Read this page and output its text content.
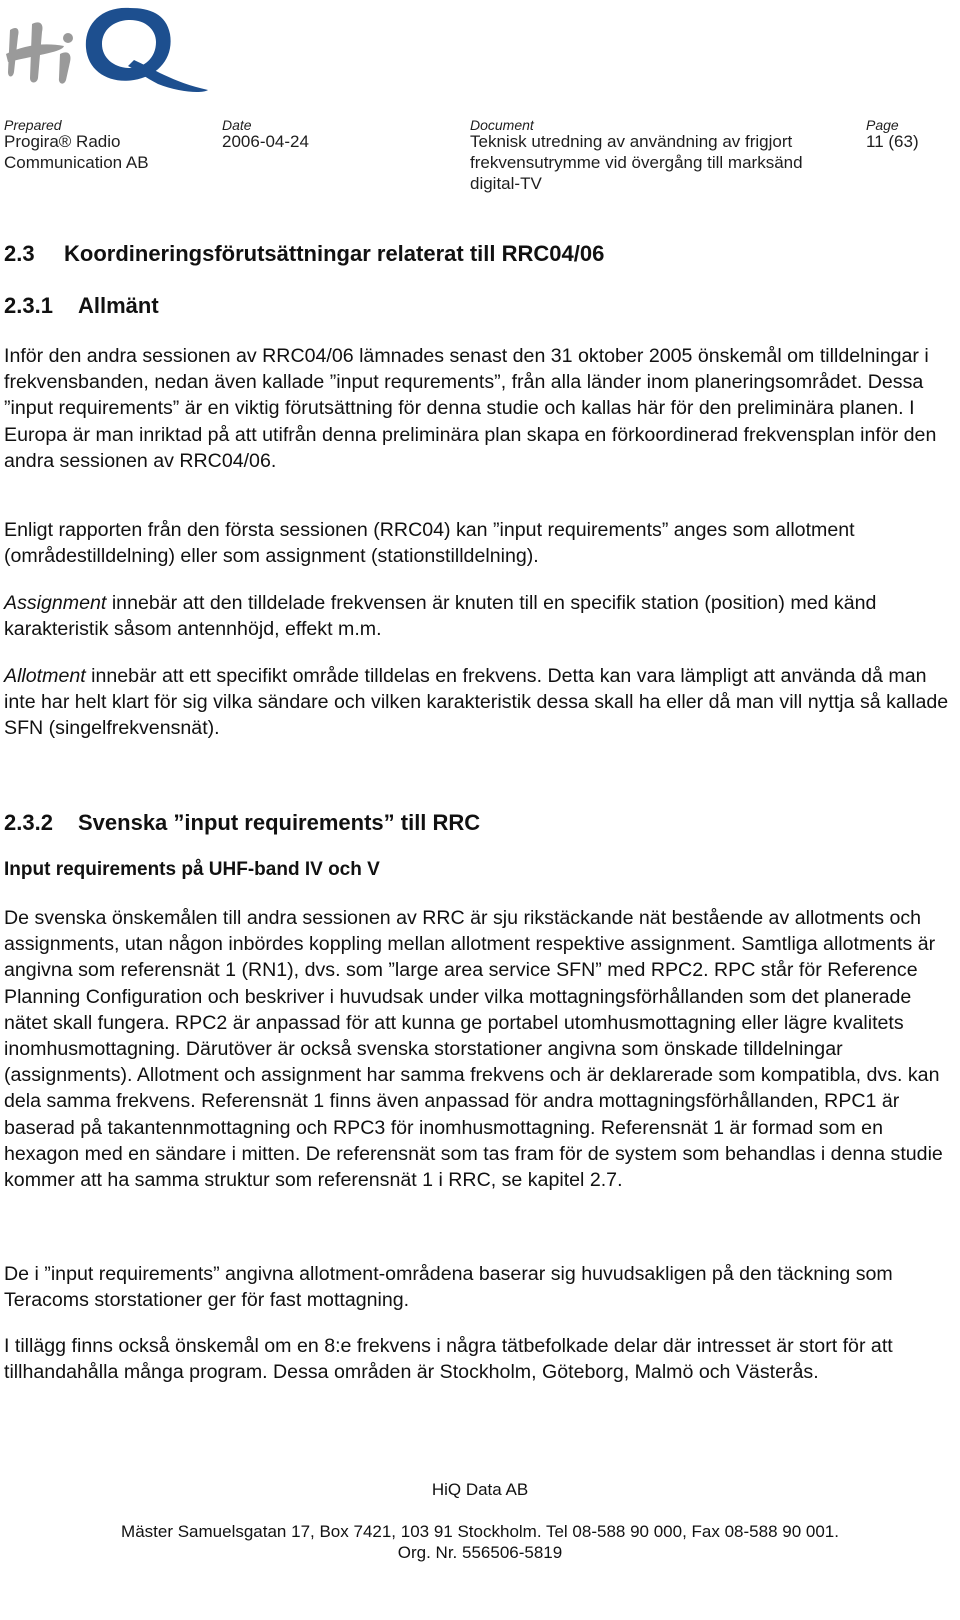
Prepared
Progira® Radio
Communication AB
Date
2006-04-24
Document
Teknisk utredning av användning av frigjort
frekvensutrymme vid övergång till marksänd
digital-TV
Page
11 (63)
2.3 Koordineringsförutsättningar relaterat till RRC04/06
2.3.1 Allmänt

Inför den andra sessionen av RRC04/06 lämnades senast den 31 oktober 2005 önskemål om tilldelningar i frekvensbanden, nedan även kallade ”input requrements”, från alla länder inom planeringsområdet. Dessa ”input requirements” är en viktig förutsättning för denna studie och kallas här för den preliminära planen. I Europa är man inriktad på att utifrån denna preliminära plan skapa en förkoordinerad frekvensplan inför den andra sessionen av RRC04/06.

Enligt rapporten från den första sessionen (RRC04) kan ”input requirements” anges som allotment (områdestilldelning) eller som assignment (stationstilldelning).

Assignment innebär att den tilldelade frekvensen är knuten till en specifik station (position) med känd karakteristik såsom antennhöjd, effekt m.m.

Allotment innebär att ett specifikt område tilldelas en frekvens. Detta kan vara lämpligt att använda då man inte har helt klart för sig vilka sändare och vilken karakteristik dessa skall ha eller då man vill nyttja så kallade SFN (singelfrekvensnät).

2.3.2 Svenska ”input requirements” till RRC
Input requirements på UHF-band IV och V

De svenska önskemålen till andra sessionen av RRC är sju rikstäckande nät bestående av allotments och assignments, utan någon inbördes koppling mellan allotment respektive assignment. Samtliga allotments är angivna som referensnät 1 (RN1), dvs. som ”large area service SFN” med RPC2. RPC står för Reference Planning Configuration och beskriver i huvudsak under vilka mottagningsförhållanden som det planerade nätet skall fungera. RPC2 är anpassad för att kunna ge portabel utomhusmottagning eller lägre kvalitets inomhusmottagning. Därutöver är också svenska storstationer angivna som önskade tilldelningar (assignments). Allotment och assignment har samma frekvens och är deklarerade som kompatibla, dvs. kan dela samma frekvens. Referensnät 1 finns även anpassad för andra mottagningsförhållanden, RPC1 är baserad på takantennmottagning och RPC3 för inomhusmottagning. Referensnät 1 är formad som en hexagon med en sändare i mitten. De referensnät som tas fram för de system som behandlas i denna studie kommer att ha samma struktur som referensnät 1 i RRC, se kapitel 2.7.

De i ”input requirements” angivna allotment-områdena baserar sig huvudsakligen på den täckning som Teracoms storstationer ger för fast mottagning.

I tillägg finns också önskemål om en 8:e frekvens i några tätbefolkade delar där intresset är stort för att tillhandahålla många program. Dessa områden är Stockholm, Göteborg, Malmö och Västerås.

HiQ Data AB
Mäster Samuelsgatan 17, Box 7421, 103 91 Stockholm. Tel 08-588 90 000, Fax 08-588 90 001.
Org. Nr. 556506-5819
